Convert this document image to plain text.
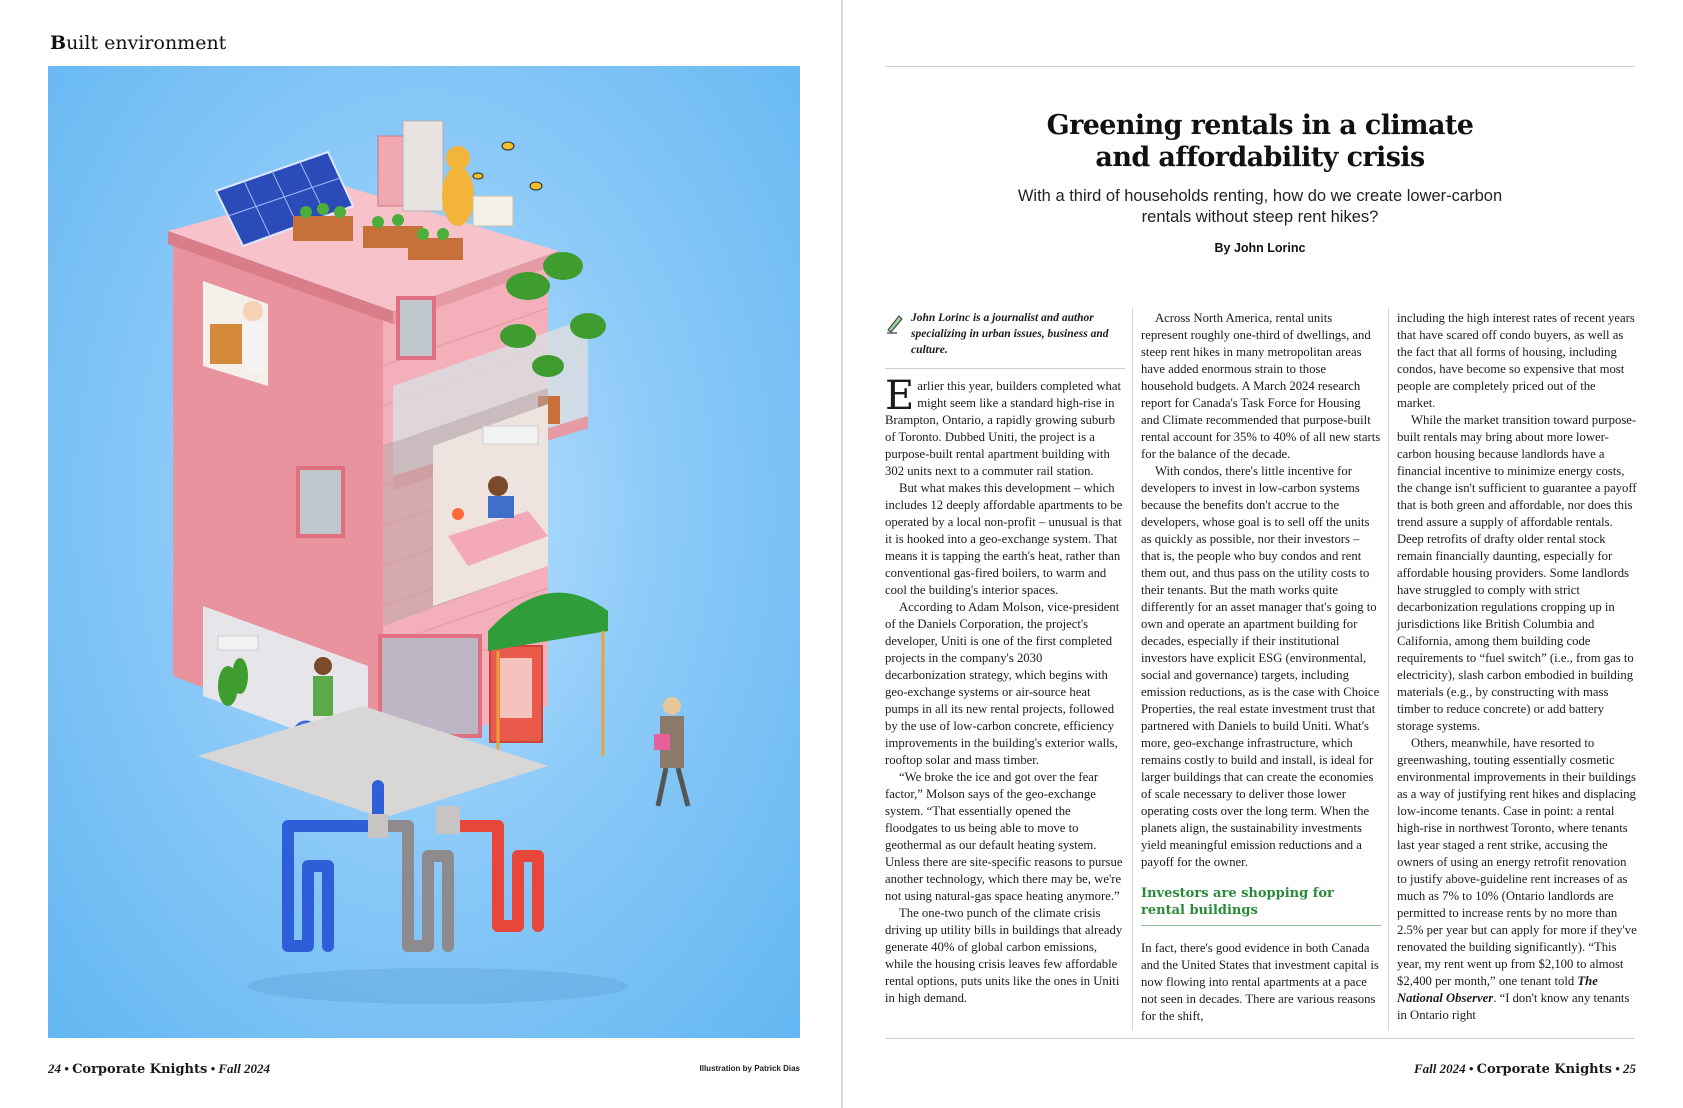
Built environment
24 • Corporate Knights • Fall 2024	Illustration by Patrick Dias
Greening rentals in a climate
and affordability crisis
With a third of households renting, how do we create lower-carbon
rentals without steep rent hikes?
By John Lorinc
John Lorinc is a journalist and author specializing in urban issues, business and culture.

Earlier this year, builders completed what might seem like a standard high-rise in Brampton, Ontario, a rapidly growing suburb of Toronto. Dubbed Uniti, the project is a purpose-built rental apartment building with 302 units next to a commuter rail station.

But what makes this development – which includes 12 deeply affordable apartments to be operated by a local non-profit – unusual is that it is hooked into a geo-exchange system. That means it is tapping the earth's heat, rather than conventional gas-fired boilers, to warm and cool the building's interior spaces.

According to Adam Molson, vice-president of the Daniels Corporation, the project's developer, Uniti is one of the first completed projects in the company's 2030 decarbonization strategy, which begins with geo-exchange systems or air-source heat pumps in all its new rental projects, followed by the use of low-carbon concrete, efficiency improvements in the building's exterior walls, rooftop solar and mass timber.

“We broke the ice and got over the fear factor,” Molson says of the geo-exchange system. “That essentially opened the floodgates to us being able to move to geothermal as our default heating system. Unless there are site-specific reasons to pursue another technology, which there may be, we're not using natural-gas space heating anymore.”

The one-two punch of the climate crisis driving up utility bills in buildings that already generate 40% of global carbon emissions, while the housing crisis leaves few affordable rental options, puts units like the ones in Uniti in high demand.

Across North America, rental units represent roughly one-third of dwellings, and steep rent hikes in many metropolitan areas have added enormous strain to those household budgets. A March 2024 research report for Canada's Task Force for Housing and Climate recommended that purpose-built rental account for 35% to 40% of all new starts for the balance of the decade.

With condos, there's little incentive for developers to invest in low-carbon systems because the benefits don't accrue to the developers, whose goal is to sell off the units as quickly as possible, nor their investors – that is, the people who buy condos and rent them out, and thus pass on the utility costs to their tenants. But the math works quite differently for an asset manager that's going to own and operate an apartment building for decades, especially if their institutional investors have explicit ESG (environmental, social and governance) targets, including emission reductions, as is the case with Choice Properties, the real estate investment trust that partnered with Daniels to build Uniti. What's more, geo-exchange infrastructure, which remains costly to build and install, is ideal for larger buildings that can create the economies of scale necessary to deliver those lower operating costs over the long term. When the planets align, the sustainability investments yield meaningful emission reductions and a payoff for the owner.

Investors are shopping for rental buildings

In fact, there's good evidence in both Canada and the United States that investment capital is now flowing into rental apartments at a pace not seen in decades. There are various reasons for the shift,

including the high interest rates of recent years that have scared off condo buyers, as well as the fact that all forms of housing, including condos, have become so expensive that most people are completely priced out of the market.

While the market transition toward purpose-built rentals may bring about more lower-carbon housing because landlords have a financial incentive to minimize energy costs, the change isn't sufficient to guarantee a payoff that is both green and affordable, nor does this trend assure a supply of affordable rentals. Deep retrofits of drafty older rental stock remain financially daunting, especially for affordable housing providers. Some landlords have struggled to comply with strict decarbonization regulations cropping up in jurisdictions like British Columbia and California, among them building code requirements to “fuel switch” (i.e., from gas to electricity), slash carbon embodied in building materials (e.g., by constructing with mass timber to reduce concrete) or add battery storage systems.

Others, meanwhile, have resorted to greenwashing, touting essentially cosmetic environmental improvements in their buildings as a way of justifying rent hikes and displacing low-income tenants. Case in point: a rental high-rise in northwest Toronto, where tenants last year staged a rent strike, accusing the owners of using an energy retrofit renovation to justify above-guideline rent increases of as much as 7% to 10% (Ontario landlords are permitted to increase rents by no more than 2.5% per year but can apply for more if they've renovated the building significantly). “This year, my rent went up from $2,100 to almost $2,400 per month,” one tenant told The National Observer. “I don't know any tenants in Ontario right

Fall 2024 • Corporate Knights • 25
